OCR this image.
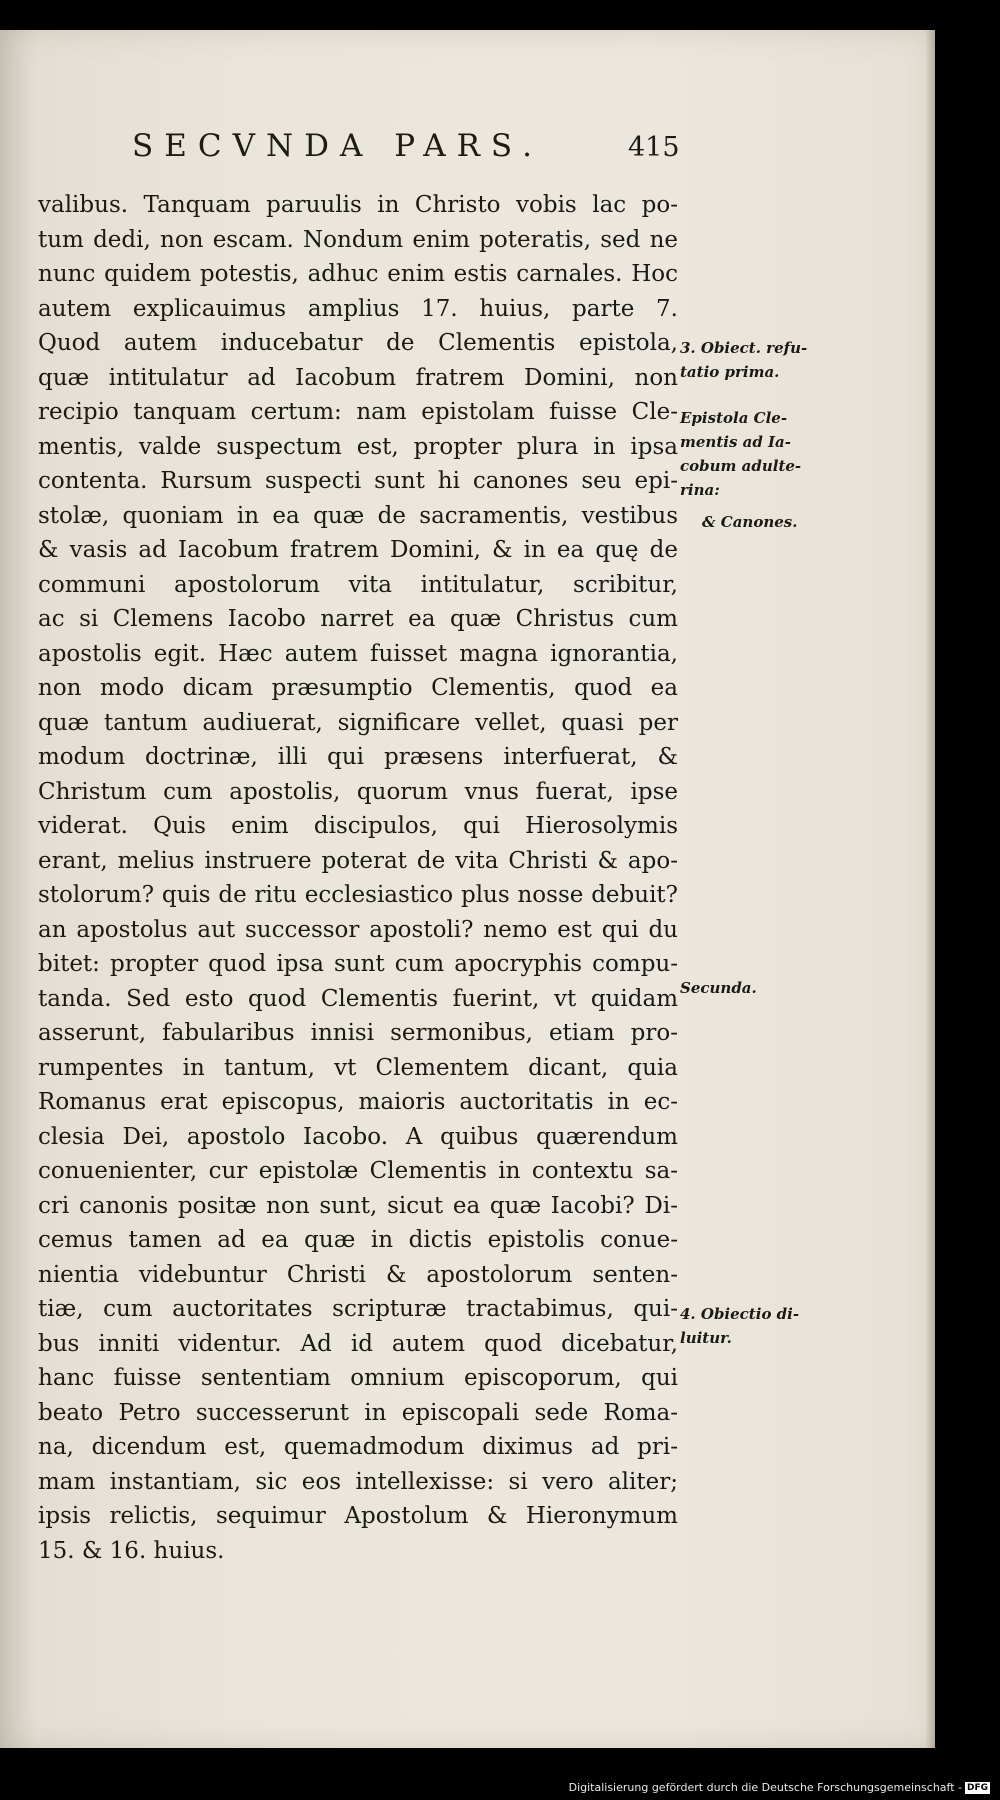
SECVNDA PARS.	415
valibus. Tanquam paruulis in Christo vobis lac po-
tum dedi, non escam. Nondum enim poteratis, sed ne
nunc quidem potestis, adhuc enim estis carnales. Hoc
autem explicauimus amplius 17. huius, parte 7.
Quod autem inducebatur de Clementis epistola,
quæ intitulatur ad Iacobum fratrem Domini, non
recipio tanquam certum: nam epistolam fuisse Cle-
mentis, valde suspectum est, propter plura in ipsa
contenta. Rursum suspecti sunt hi canones seu epi-
stolæ, quoniam in ea quæ de sacramentis, vestibus
& vasis ad Iacobum fratrem Domini, & in ea quę de
communi apostolorum vita intitulatur, scribitur,
ac si Clemens Iacobo narret ea quæ Christus cum
apostolis egit. Hæc autem fuisset magna ignorantia,
non modo dicam præsumptio Clementis, quod ea
quæ tantum audiuerat, significare vellet, quasi per
modum doctrinæ, illi qui præsens interfuerat, &
Christum cum apostolis, quorum vnus fuerat, ipse
viderat. Quis enim discipulos, qui Hierosolymis
erant, melius instruere poterat de vita Christi & apo-
stolorum? quis de ritu ecclesiastico plus nosse debuit?
an apostolus aut successor apostoli? nemo est qui du
bitet: propter quod ipsa sunt cum apocryphis compu-
tanda. Sed esto quod Clementis fuerint, vt quidam
asserunt, fabularibus innisi sermonibus, etiam pro-
rumpentes in tantum, vt Clementem dicant, quia
Romanus erat episcopus, maioris auctoritatis in ec-
clesia Dei, apostolo Iacobo. A quibus quærendum
conuenienter, cur epistolæ Clementis in contextu sa-
cri canonis positæ non sunt, sicut ea quæ Iacobi? Di-
cemus tamen ad ea quæ in dictis epistolis conue-
nientia videbuntur Christi & apostolorum senten-
tiæ, cum auctoritates scripturæ tractabimus, qui-
bus inniti videntur. Ad id autem quod dicebatur,
hanc fuisse sententiam omnium episcoporum, qui
beato Petro successerunt in episcopali sede Roma-
na, dicendum est, quemadmodum diximus ad pri-
mam instantiam, sic eos intellexisse: si vero aliter;
ipsis relictis, sequimur Apostolum & Hieronymum
15. & 16. huius.
3. Obiect. refu-
tatio prima.
Epistola Cle-
mentis ad Ia-
cobum adulte-
rina:
& Canones.
Secunda.
4. Obiectio di-
luitur.
Digitalisierung gefördert durch die Deutsche Forschungsgemeinschaft - DFG
